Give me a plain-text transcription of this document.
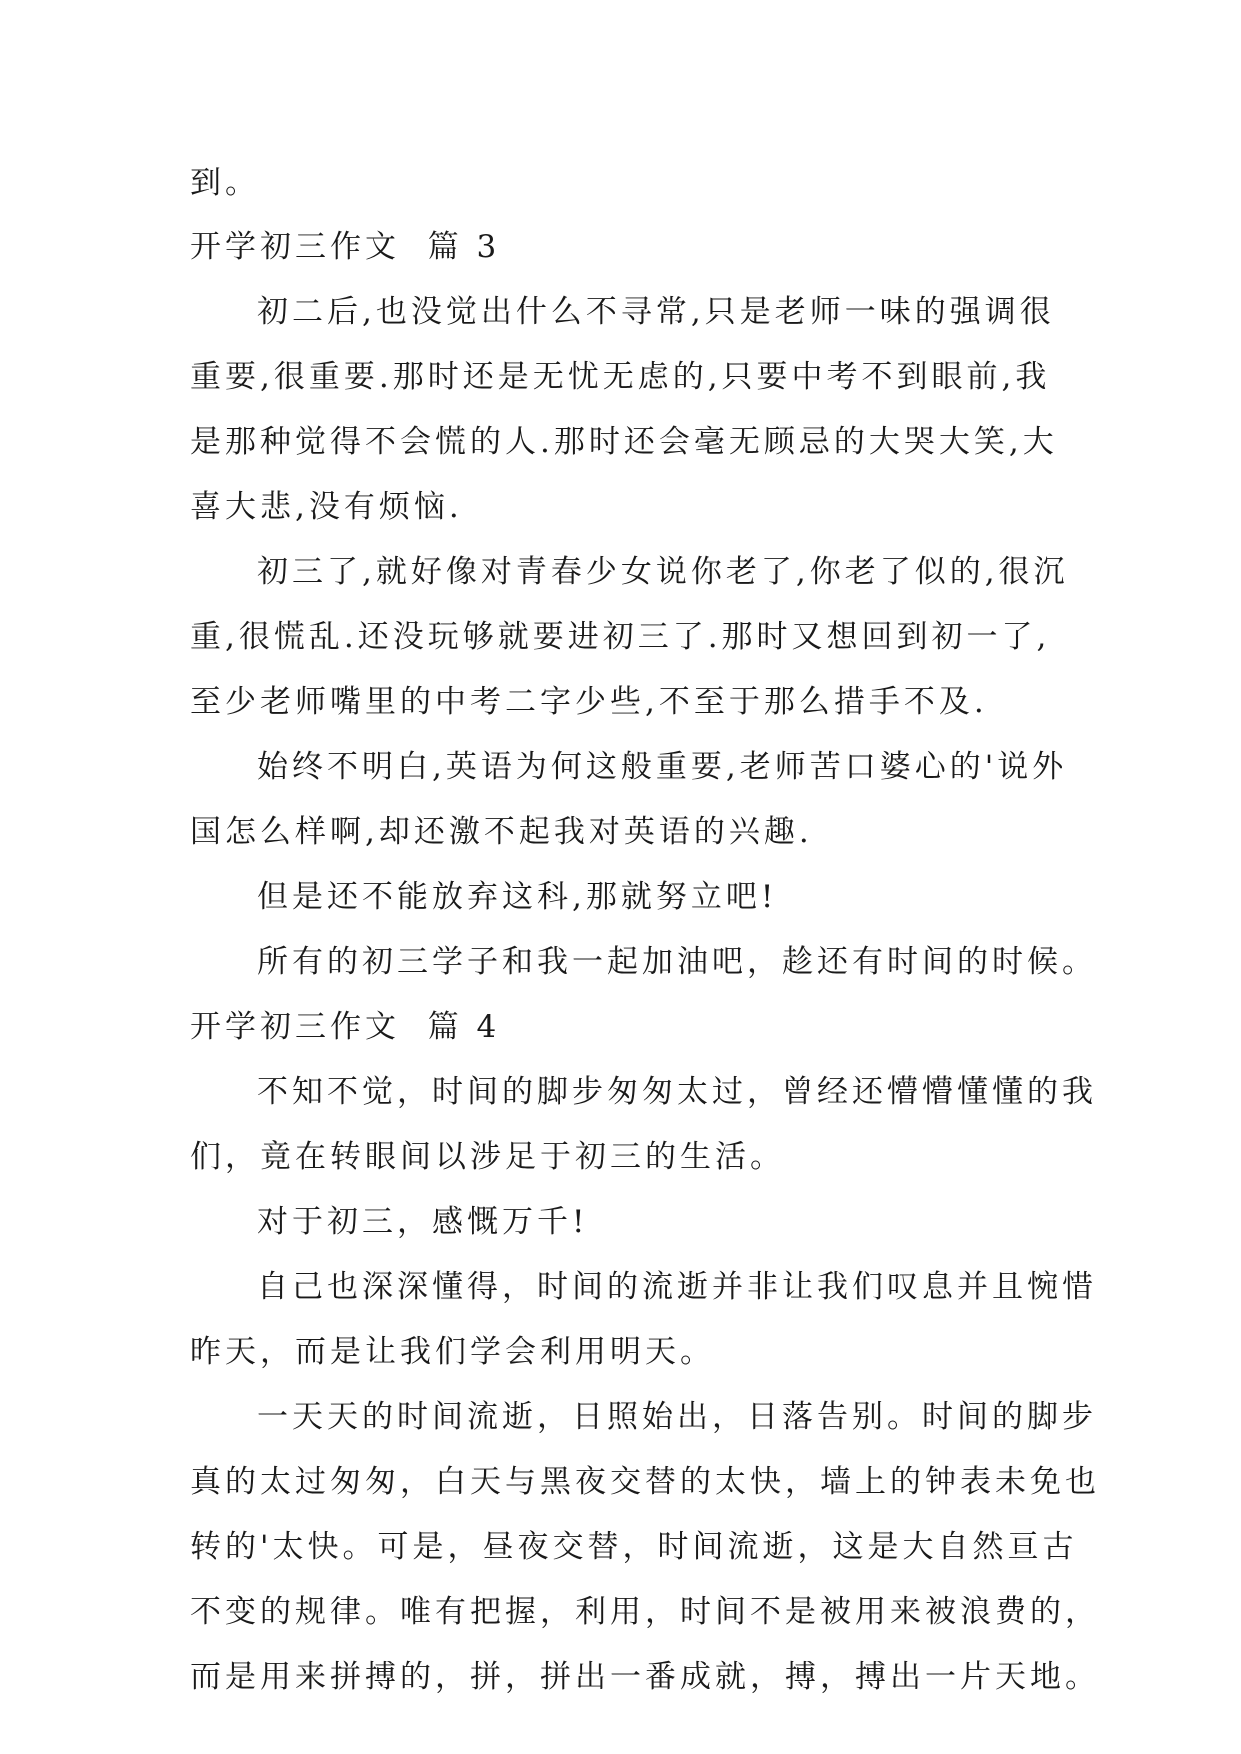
到。
开学初三作文  篇 3
初二后,也没觉出什么不寻常,只是老师一味的强调很
重要,很重要.那时还是无忧无虑的,只要中考不到眼前,我
是那种觉得不会慌的人.那时还会毫无顾忌的大哭大笑,大
喜大悲,没有烦恼.
初三了,就好像对青春少女说你老了,你老了似的,很沉
重,很慌乱.还没玩够就要进初三了.那时又想回到初一了,
至少老师嘴里的中考二字少些,不至于那么措手不及.
始终不明白,英语为何这般重要,老师苦口婆心的'说外
国怎么样啊,却还激不起我对英语的兴趣.
但是还不能放弃这科,那就努立吧!
所有的初三学子和我一起加油吧，趁还有时间的时候。
开学初三作文  篇 4
不知不觉，时间的脚步匆匆太过，曾经还懵懵懂懂的我
们，竟在转眼间以涉足于初三的生活。
对于初三，感慨万千!
自己也深深懂得，时间的流逝并非让我们叹息并且惋惜
昨天，而是让我们学会利用明天。
一天天的时间流逝，日照始出，日落告别。时间的脚步
真的太过匆匆，白天与黑夜交替的太快，墙上的钟表未免也
转的'太快。可是，昼夜交替，时间流逝，这是大自然亘古
不变的规律。唯有把握，利用，时间不是被用来被浪费的，
而是用来拼搏的，拼，拼出一番成就，搏，搏出一片天地。
